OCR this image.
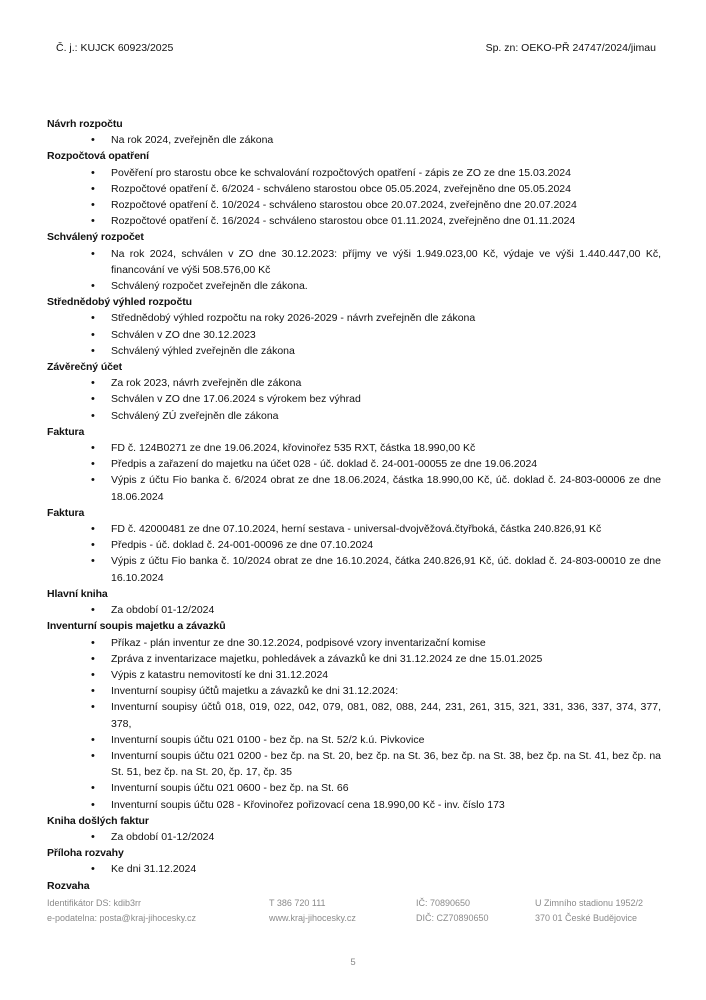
Č. j.: KUJCK 60923/2025	Sp. zn: OEKO-PŘ 24747/2024/jimau
Návrh rozpočtu
• Na rok 2024, zveřejněn dle zákona
Rozpočtová opatření
• Pověření pro starostu obce ke schvalování rozpočtových opatření - zápis ze ZO ze dne 15.03.2024
• Rozpočtové opatření č. 6/2024 - schváleno starostou obce 05.05.2024, zveřejněno dne 05.05.2024
• Rozpočtové opatření č. 10/2024 - schváleno starostou obce 20.07.2024, zveřejněno dne 20.07.2024
• Rozpočtové opatření č. 16/2024 - schváleno starostou obce 01.11.2024, zveřejněno dne 01.11.2024
Schválený rozpočet
• Na rok 2024, schválen v ZO dne 30.12.2023: příjmy ve výši 1.949.023,00 Kč, výdaje ve výši 1.440.447,00 Kč, financování ve výši 508.576,00 Kč
• Schválený rozpočet zveřejněn dle zákona.
Střednědobý výhled rozpočtu
• Střednědobý výhled rozpočtu na roky 2026-2029 - návrh zveřejněn dle zákona
• Schválen v ZO dne 30.12.2023
• Schválený výhled zveřejněn dle zákona
Závěrečný účet
• Za rok 2023, návrh zveřejněn dle zákona
• Schválen v ZO dne 17.06.2024 s výrokem bez výhrad
• Schválený ZÚ zveřejněn dle zákona
Faktura
• FD č. 124B0271 ze dne 19.06.2024, křovinořez 535 RXT, částka 18.990,00 Kč
• Předpis a zařazení do majetku na účet 028 - úč. doklad č. 24-001-00055 ze dne 19.06.2024
• Výpis z účtu Fio banka č. 6/2024 obrat ze dne 18.06.2024, částka 18.990,00 Kč, úč. doklad č. 24-803-00006 ze dne 18.06.2024
Faktura
• FD č. 42000481 ze dne 07.10.2024, herní sestava - universal-dvojvěžová.čtyřboká, částka 240.826,91 Kč
• Předpis - úč. doklad č. 24-001-00096 ze dne 07.10.2024
• Výpis z účtu Fio banka č. 10/2024 obrat ze dne 16.10.2024, čátka 240.826,91 Kč, úč. doklad č. 24-803-00010 ze dne 16.10.2024
Hlavní kniha
• Za období 01-12/2024
Inventurní soupis majetku a závazků
• Příkaz - plán inventur ze dne 30.12.2024, podpisové vzory inventarizační komise
• Zpráva z inventarizace majetku, pohledávek a závazků ke dni 31.12.2024 ze dne 15.01.2025
• Výpis z katastru nemovitostí ke dni 31.12.2024
• Inventurní soupisy účtů majetku a závazků ke dni 31.12.2024:
• Inventurní soupisy účtů 018, 019, 022, 042, 079, 081, 082, 088, 244, 231, 261, 315, 321, 331, 336, 337, 374, 377, 378,
• Inventurní soupis účtu 021 0100 - bez čp. na St. 52/2 k.ú. Pivkovice
• Inventurní soupis účtu 021 0200 - bez čp. na St. 20, bez čp. na St. 36, bez čp. na St. 38, bez čp. na St. 41, bez čp. na St. 51, bez čp. na St. 20, čp. 17, čp. 35
• Inventurní soupis účtu 021 0600 - bez čp. na St. 66
• Inventurní soupis účtu 028 - Křovinořez pořizovací cena 18.990,00 Kč - inv. číslo 173
Kniha došlých faktur
• Za období 01-12/2024
Příloha rozvahy
• Ke dni 31.12.2024
Rozvaha
Identifikátor DS: kdib3rr
e-podatelna: posta@kraj-jihocesky.cz
T 386 720 111
www.kraj-jihocesky.cz
IČ: 70890650
DIČ: CZ70890650
U Zimního stadionu 1952/2
370 01 České Budějovice
5
